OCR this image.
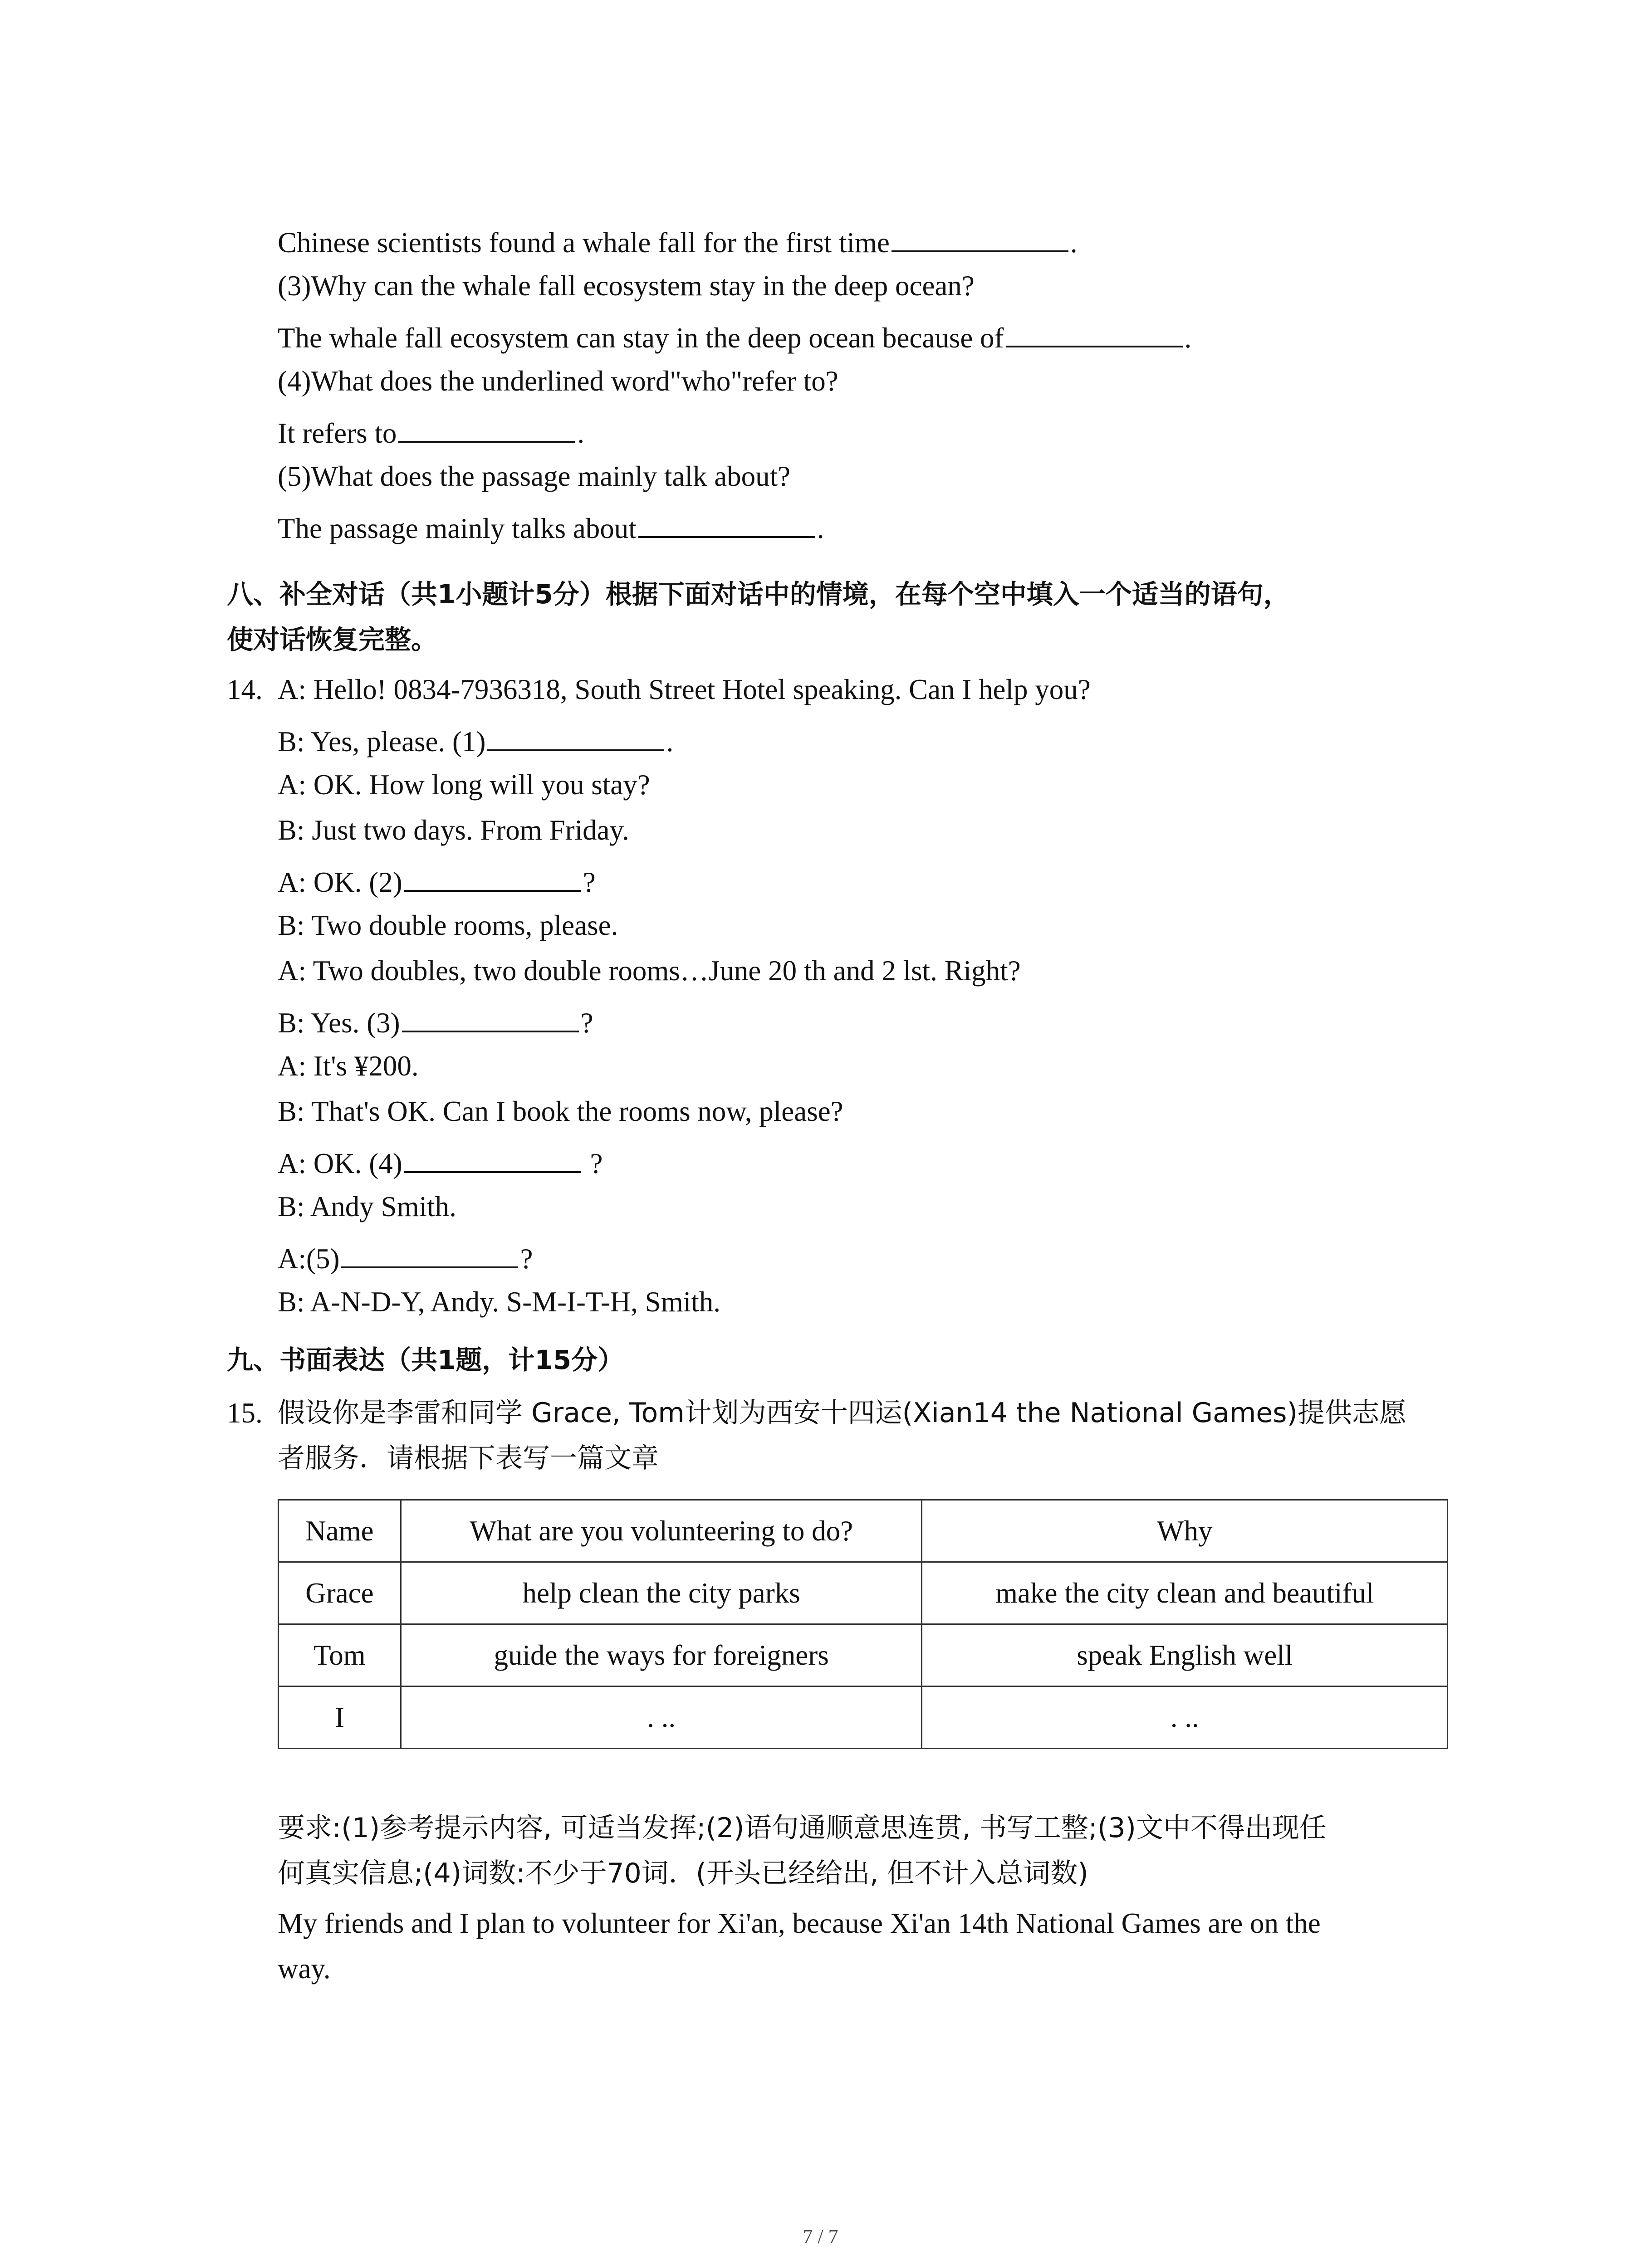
Chinese scientists found a whale fall for the first time	.
(3)Why can the whale fall ecosystem stay in the deep ocean?
The whale fall ecosystem can stay in the deep ocean because of	.
(4)What does the underlined word"who"refer to?
It refers to	.
(5)What does the passage mainly talk about?
The passage mainly talks about	.
八、补全对话（共1小题计5分）根据下面对话中的情境，在每个空中填入一个适当的语句，
使对话恢复完整。
14. A: Hello! 0834-7936318, South Street Hotel speaking. Can I help you?
B: Yes, please. (1)	.
A: OK. How long will you stay?
B: Just two days. From Friday.
A: OK. (2)	?
B: Two double rooms, please.
A: Two doubles, two double rooms…June 20 th and 2 lst. Right?
B: Yes. (3)	?
A: It's ¥200.
B: That's OK. Can I book the rooms now, please?
A: OK. (4)	?
B: Andy Smith.
A:(5)	?
B: A-N-D-Y, Andy. S-M-I-T-H, Smith.
九、书面表达（共1题，计15分）
15. 假设你是李雷和同学 Grace, Tom计划为西安十四运(Xian14 the National Games)提供志愿
者服务．请根据下表写一篇文章
Name	What are you volunteering to do?	Why
Grace	help clean the city parks	make the city clean and beautiful
Tom	guide the ways for foreigners	speak English well
I	. ..	. ..
要求:(1)参考提示内容, 可适当发挥;(2)语句通顺意思连贯, 书写工整;(3)文中不得出现任
何真实信息;(4)词数:不少于70词．(开头已经给出, 但不计入总词数)
My friends and I plan to volunteer for Xi'an, because Xi'an 14th National Games are on the
way.
7 / 7
